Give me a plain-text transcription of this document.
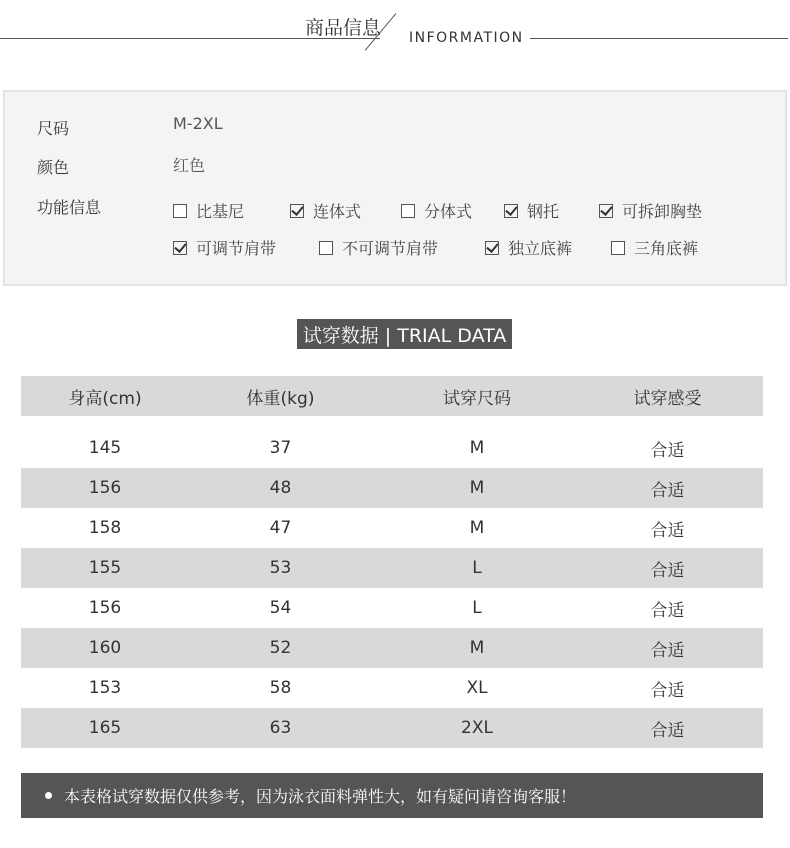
商品信息 INFORMATION
尺码	M-2XL
颜色	红色
功能信息	比基尼	连体式	分体式	钢托	可拆卸胸垫
可调节肩带	不可调节肩带	独立底裤	三角底裤
试穿数据 | TRIAL DATA
身高(cm)	体重(kg)	试穿尺码	试穿感受
145	37	M	合适
156	48	M	合适
158	47	M	合适
155	53	L	合适
156	54	L	合适
160	52	M	合适
153	58	XL	合适
165	63	2XL	合适
本表格试穿数据仅供参考，因为泳衣面料弹性大，如有疑问请咨询客服！
